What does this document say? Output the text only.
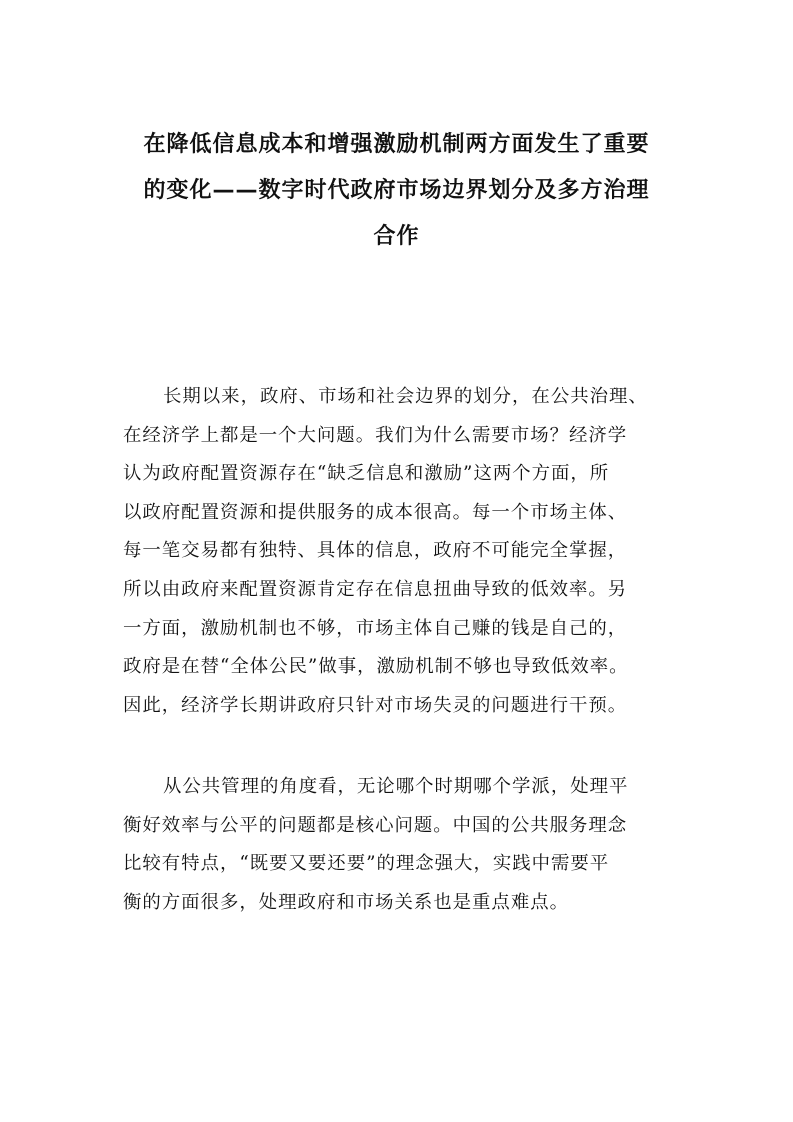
在降低信息成本和增强激励机制两方面发生了重要
的变化——数字时代政府市场边界划分及多方治理
合作

长期以来，政府、市场和社会边界的划分，在公共治理、
在经济学上都是一个大问题。我们为什么需要市场？经济学
认为政府配置资源存在“缺乏信息和激励”这两个方面，所
以政府配置资源和提供服务的成本很高。每一个市场主体、
每一笔交易都有独特、具体的信息，政府不可能完全掌握，
所以由政府来配置资源肯定存在信息扭曲导致的低效率。另
一方面，激励机制也不够，市场主体自己赚的钱是自己的，
政府是在替“全体公民”做事，激励机制不够也导致低效率。
因此，经济学长期讲政府只针对市场失灵的问题进行干预。

从公共管理的角度看，无论哪个时期哪个学派，处理平
衡好效率与公平的问题都是核心问题。中国的公共服务理念
比较有特点，“既要又要还要”的理念强大，实践中需要平
衡的方面很多，处理政府和市场关系也是重点难点。
